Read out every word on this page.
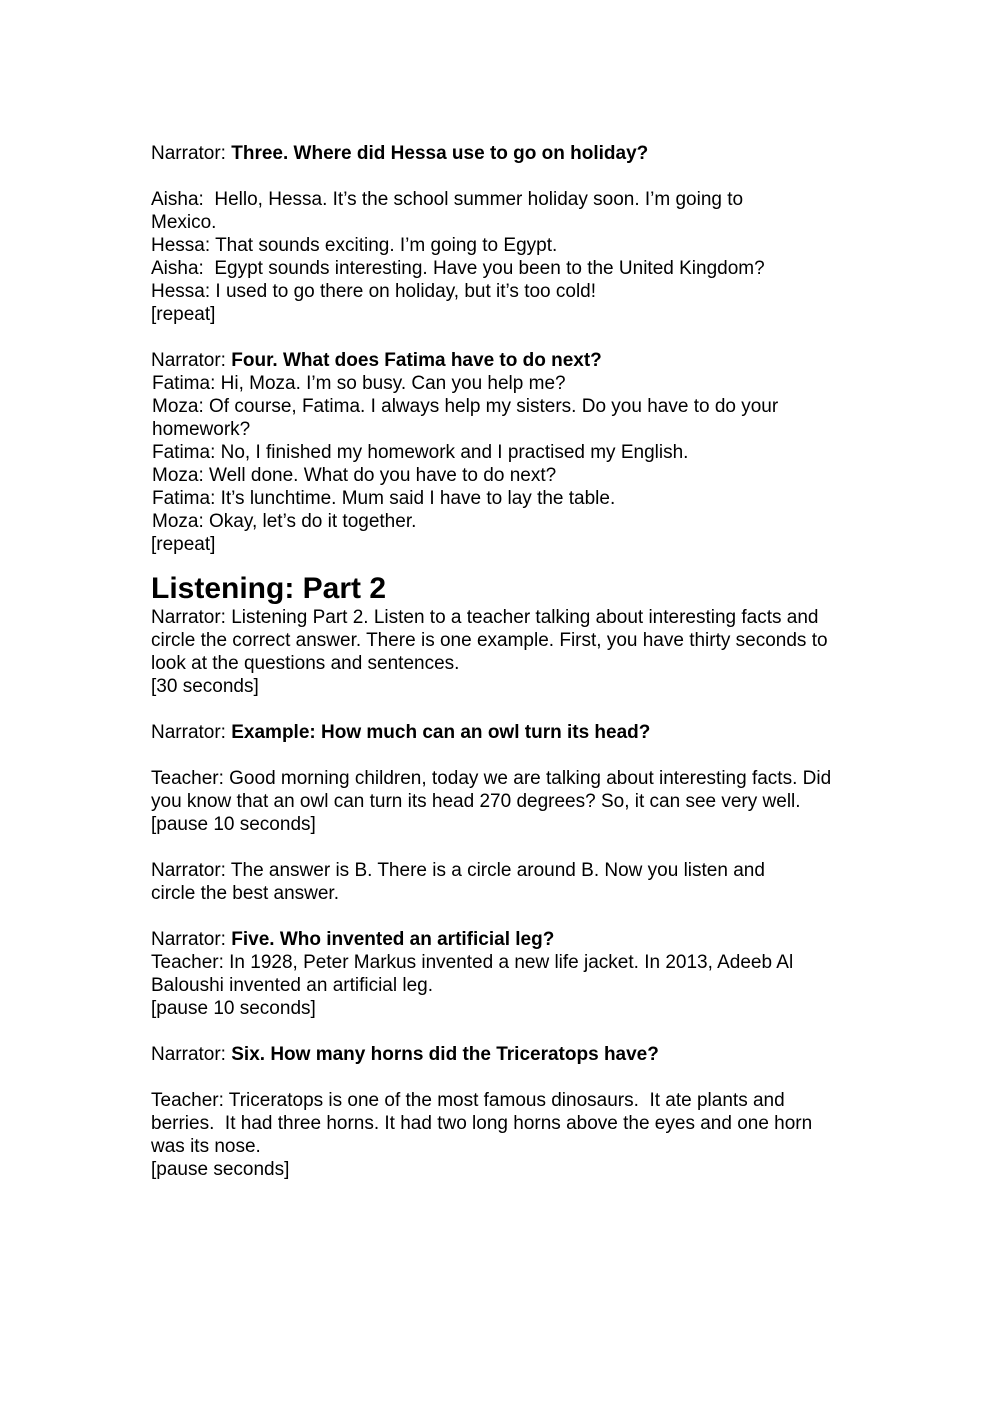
Narrator: Three. Where did Hessa use to go on holiday?
Aisha:  Hello, Hessa. It’s the school summer holiday soon. I’m going to Mexico.
Hessa: That sounds exciting. I’m going to Egypt.
Aisha:  Egypt sounds interesting. Have you been to the United Kingdom?
Hessa: I used to go there on holiday, but it’s too cold!
[repeat]
Narrator: Four. What does Fatima have to do next?
Fatima: Hi, Moza. I’m so busy. Can you help me?
Moza: Of course, Fatima. I always help my sisters. Do you have to do your homework?
Fatima: No, I finished my homework and I practised my English.
Moza: Well done. What do you have to do next?
Fatima: It’s lunchtime. Mum said I have to lay the table.
Moza: Okay, let’s do it together.
[repeat]
Listening: Part 2
Narrator: Listening Part 2. Listen to a teacher talking about interesting facts and circle the correct answer. There is one example. First, you have thirty seconds to look at the questions and sentences.
[30 seconds]
Narrator: Example: How much can an owl turn its head?
Teacher: Good morning children, today we are talking about interesting facts. Did you know that an owl can turn its head 270 degrees? So, it can see very well.
[pause 10 seconds]
Narrator: The answer is B. There is a circle around B. Now you listen and circle the best answer.
Narrator: Five. Who invented an artificial leg?
Teacher: In 1928, Peter Markus invented a new life jacket. In 2013, Adeeb Al Baloushi invented an artificial leg.
[pause 10 seconds]
Narrator: Six. How many horns did the Triceratops have?
Teacher: Triceratops is one of the most famous dinosaurs.  It ate plants and berries.  It had three horns. It had two long horns above the eyes and one horn was its nose.
[pause seconds]
